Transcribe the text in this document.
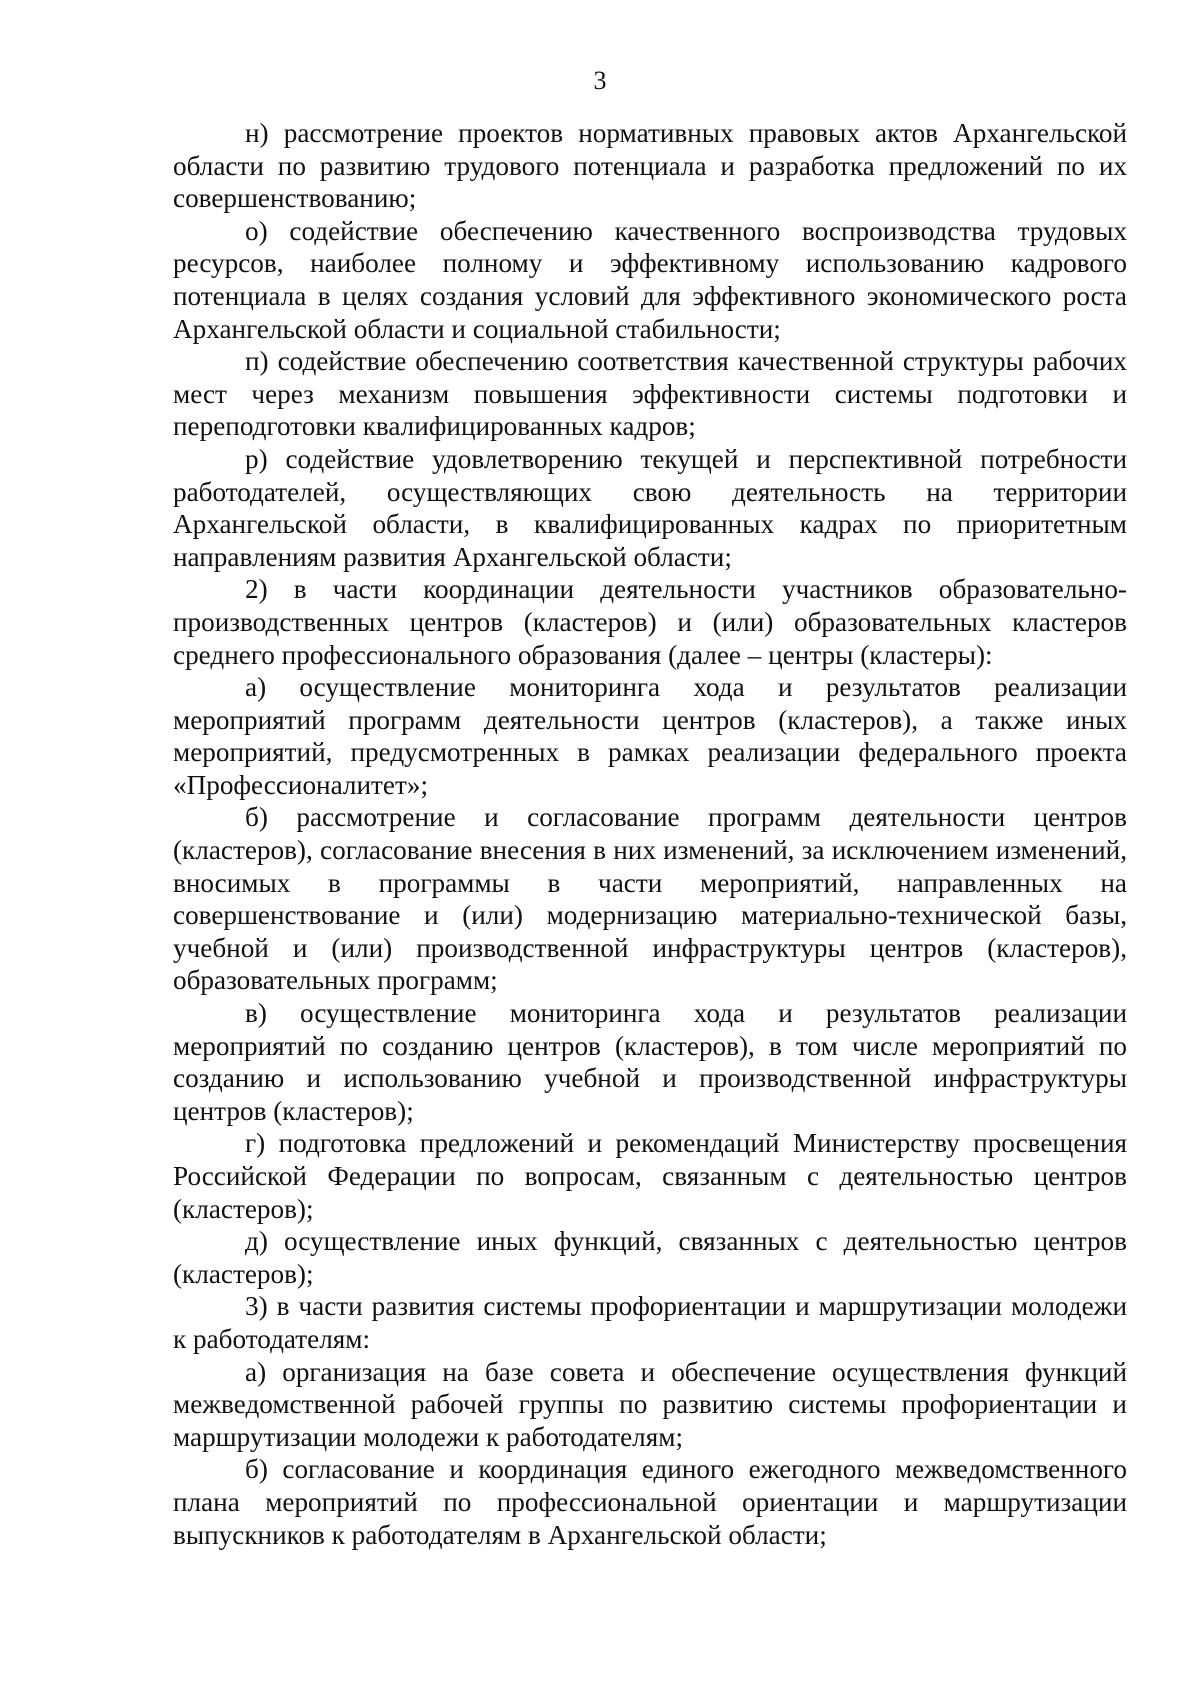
3

н) рассмотрение проектов нормативных правовых актов Архангельской области по развитию трудового потенциала и разработка предложений по их совершенствованию;

о) содействие обеспечению качественного воспроизводства трудовых ресурсов, наиболее полному и эффективному использованию кадрового потенциала в целях создания условий для эффективного экономического роста Архангельской области и социальной стабильности;

п) содействие обеспечению соответствия качественной структуры рабочих мест через механизм повышения эффективности системы подготовки и переподготовки квалифицированных кадров;

р) содействие удовлетворению текущей и перспективной потребности работодателей, осуществляющих свою деятельность на территории Архангельской области, в квалифицированных кадрах по приоритетным направлениям развития Архангельской области;

2) в части координации деятельности участников образовательно-производственных центров (кластеров) и (или) образовательных кластеров среднего профессионального образования (далее – центры (кластеры):

а) осуществление мониторинга хода и результатов реализации мероприятий программ деятельности центров (кластеров), а также иных мероприятий, предусмотренных в рамках реализации федерального проекта «Профессионалитет»;

б) рассмотрение и согласование программ деятельности центров (кластеров), согласование внесения в них изменений, за исключением изменений, вносимых в программы в части мероприятий, направленных на совершенствование и (или) модернизацию материально-технической базы, учебной и (или) производственной инфраструктуры центров (кластеров), образовательных программ;

в) осуществление мониторинга хода и результатов реализации мероприятий по созданию центров (кластеров), в том числе мероприятий по созданию и использованию учебной и производственной инфраструктуры центров (кластеров);

г) подготовка предложений и рекомендаций Министерству просвещения Российской Федерации по вопросам, связанным с деятельностью центров (кластеров);

д) осуществление иных функций, связанных с деятельностью центров (кластеров);

3) в части развития системы профориентации и маршрутизации молодежи к работодателям:

а) организация на базе совета и обеспечение осуществления функций межведомственной рабочей группы по развитию системы профориентации и маршрутизации молодежи к работодателям;

б) согласование и координация единого ежегодного межведомственного плана мероприятий по профессиональной ориентации и маршрутизации выпускников к работодателям в Архангельской области;
